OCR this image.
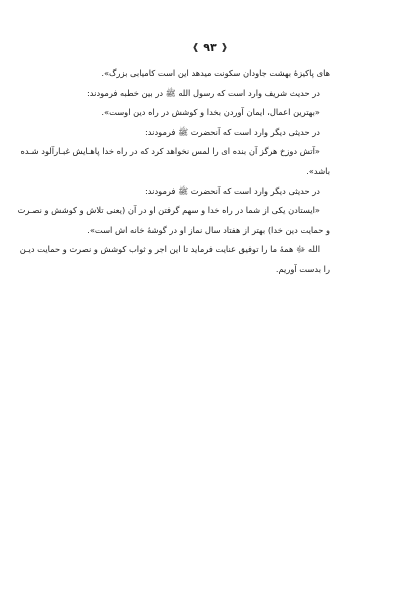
❰ ۹۳ ❱
های پاکیزهٔ بهشت جاودان سکونت میدهد این است کامیابی بزرگ».
در حدیث شریف وارد است که رسول الله ﷺ در بین خطبه فرمودند:
«بهترین اعمال، ایمان آوردن بخدا و کوشش در راه دین اوست».
در حدیثی دیگر وارد است که آنحضرت ﷺ فرمودند:
«آتش دوزخ هرگز آن بنده ای را لمس نخواهد کرد که در راه خدا پاهـایش غبـارآلود شـده
باشد».
در حدیثی دیگر وارد است که آنحضرت ﷺ فرمودند:
«ایستادن یکی از شما در راه خدا و سهم گرفتن او در آن (یعنی تلاش و کوشش و نصـرت
و حمایت دین خدا) بهتر از هفتاد سال نماز او در گوشهٔ خانه اش است».
الله ﷻ همهٔ ما را توفیق عنایت فرماید تا این اجر و ثواب کوشش و نصرت و حمایت دیـن
را بدست آوریم.
